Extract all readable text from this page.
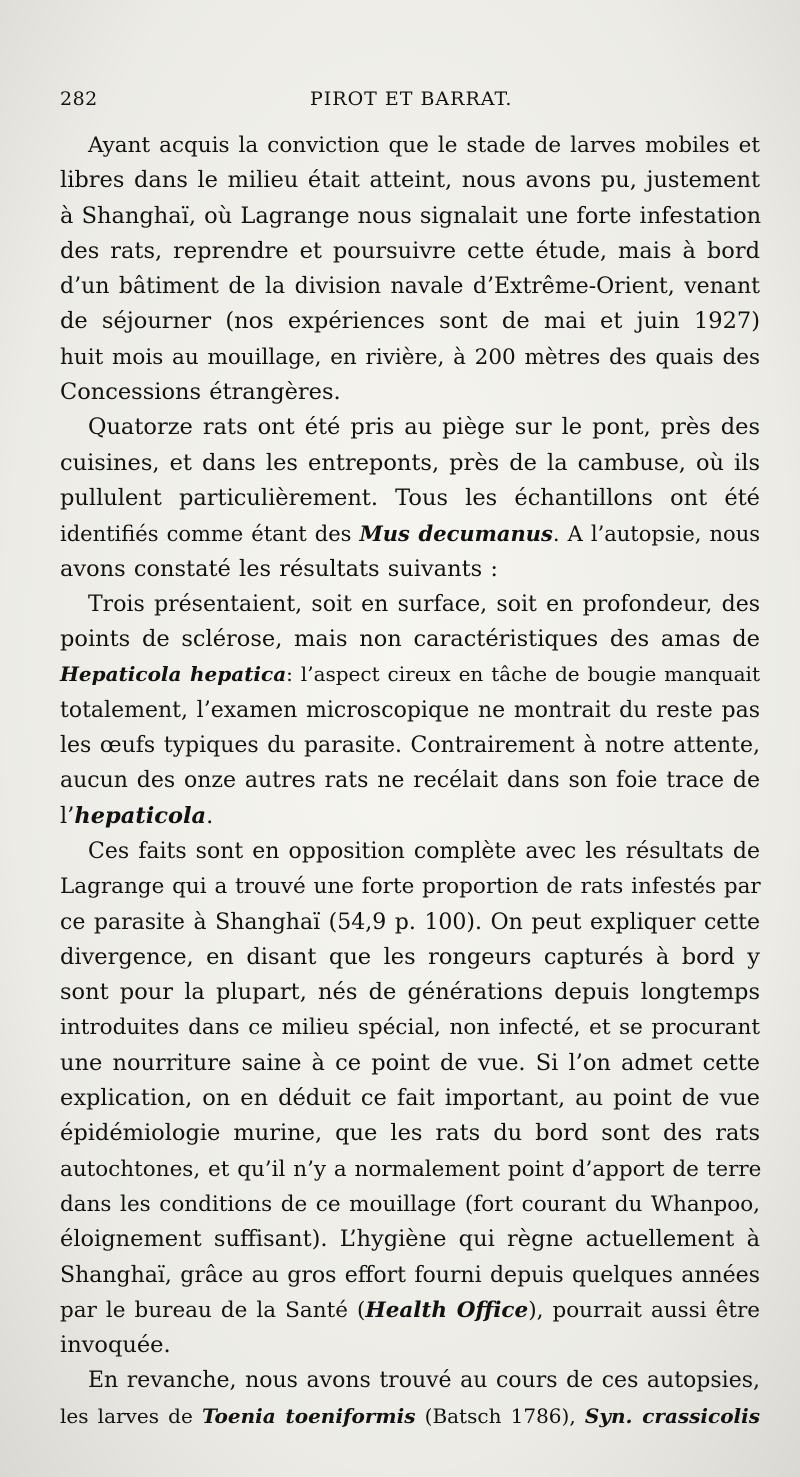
282	PIROT ET BARRAT.
Ayant acquis la conviction que le stade de larves mobiles et
libres dans le milieu était atteint, nous avons pu, justement
à Shanghaï, où Lagrange nous signalait une forte infestation
des rats, reprendre et poursuivre cette étude, mais à bord
d’un bâtiment de la division navale d’Extrême-Orient, venant
de séjourner (nos expériences sont de mai et juin 1927)
huit mois au mouillage, en rivière, à 200 mètres des quais des
Concessions étrangères.
Quatorze rats ont été pris au piège sur le pont, près des
cuisines, et dans les entreponts, près de la cambuse, où ils
pullulent particulièrement. Tous les échantillons ont été
identifiés comme étant des Mus decumanus. A l’autopsie, nous
avons constaté les résultats suivants :
Trois présentaient, soit en surface, soit en profondeur, des
points de sclérose, mais non caractéristiques des amas de
Hepaticola hepatica: l’aspect cireux en tâche de bougie manquait
totalement, l’examen microscopique ne montrait du reste pas
les œufs typiques du parasite. Contrairement à notre attente,
aucun des onze autres rats ne recélait dans son foie trace de
l’hepaticola.
Ces faits sont en opposition complète avec les résultats de
Lagrange qui a trouvé une forte proportion de rats infestés par
ce parasite à Shanghaï (54,9 p. 100). On peut expliquer cette
divergence, en disant que les rongeurs capturés à bord y
sont pour la plupart, nés de générations depuis longtemps
introduites dans ce milieu spécial, non infecté, et se procurant
une nourriture saine à ce point de vue. Si l’on admet cette
explication, on en déduit ce fait important, au point de vue
épidémiologie murine, que les rats du bord sont des rats
autochtones, et qu’il n’y a normalement point d’apport de terre
dans les conditions de ce mouillage (fort courant du Whanpoo,
éloignement suffisant). L’hygiène qui règne actuellement à
Shanghaï, grâce au gros effort fourni depuis quelques années
par le bureau de la Santé (Health Office), pourrait aussi être
invoquée.
En revanche, nous avons trouvé au cours de ces autopsies,
les larves de Toenia toeniformis (Batsch 1786), Syn. crassicolis
